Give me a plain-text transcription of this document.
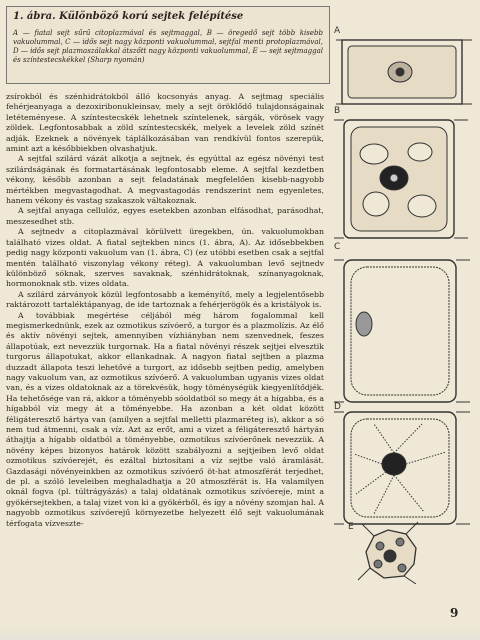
1. ábra. Különböző korú sejtek felépítése
A — fiatal sejt sűrű citoplazmával és sejtmaggal, B — öregedő sejt több kisebb vakuolummal, C — idős sejt nagy központi vakuolummal, sejtfal menti protoplazmával, D — idős sejt plazmaszálakkal átszőtt nagy központi vakuolummal, E — sejt sejtmaggal és színtestecskékkel (Sharp nyomán)

zsírokból és szénhidrátokból álló kocsonyás anyag. A sejtmag speciális fehérjeanyaga a dezoxiribonukleinsav, mely a sejt öröklődő tulajdonságainak letéteményese. A színtestecskék lehetnek színtelenek, sárgák, vörösek vagy zöldek. Legfontosabbak a zöld színtestecskék, melyek a levelek zöld színét adják. Ezeknek a növények táplálkozásában van rendkívül fontos szerepük, amint azt a későbbiekben olvashatjuk.

A sejtfal szilárd vázát alkotja a sejtnek, és egyúttal az egész növényi test szilárdságának és formatartásának legfontosabb eleme. A sejtfal kezdetben vékony, később azonban a sejt feladatának megfelelően kisebb-nagyobb mértékben megvastagodhat. A megvastagodás rendszerint nem egyenletes, hanem vékony és vastag szakaszok váltakoznak.

A sejtfal anyaga cellulóz, egyes esetekben azonban elfásodhat, parásodhat, meszesedhet stb.

A sejtnedv a citoplazmával körülvett üregekben, ún. vakuolumokban található vizes oldat. A fiatal sejtekben nincs (1. ábra, A). Az idősebbekben pedig nagy központi vakuolum van (1. ábra, C) (ez utóbbi esetben csak a sejtfal mentén található viszonylag vékony réteg). A vakuolumban levő sejtnedv különböző sóknak, szerves savaknak, szénhidrátoknak, színanyagoknak, hormonoknak stb. vizes oldata.

A szilárd zárványok közül legfontosabb a keményítő, mely a legjelentősebb raktározott tartaléktápanyag, de ide tartoznak a fehérjerögök és a kristályok is.

A továbbiak megértése céljából még három fogalommal kell megismerkednünk, ezek az ozmotikus szívóerő, a turgor és a plazmolízis. Az élő és aktív növényi sejtek, amennyiben vízhiányban nem szenvednek, feszes állapotúak, ezt nevezzük turgornak. Ha a fiatal növényi részek sejtjei elvesztik turgorus állapotukat, akkor ellankadnak. A nagyon fiatal sejtben a plazma duzzadt állapota teszi lehetővé a turgort, az idősebb sejtben pedig, amelyben nagy vakuolum van, az ozmotikus szívóerő. A vakuolumban ugyanis vizes oldat van, és a vizes oldatoknak az a törekvésük, hogy töménységük kiegyenlítődjék. Ha tehetősége van rá, akkor a töményebb sóoldatból so megy át a hígabba, és a hígabból víz megy át a töményebbe. Ha azonban a két oldat között féligáteresztő hártya van (amilyen a sejtfal melletti plazmaréteg is), akkor a só nem tud átmenni, csak a víz. Azt az erőt, ami a vizet a féligáteresztő hártyán áthajtja a hígabb oldatból a töményebbe, ozmotikus szívóerőnek nevezzük. A növény képes bizonyos határok között szabályozni a sejtjeiben levő oldat ozmotikus szívóerejét, és ezáltal biztosítani a víz sejtbe való áramlását. Gazdasági növényeinkben az ozmotikus szívóerő öt-hat atmoszférát terjedhet, de pl. a szóló leveleiben meghaladhatja a 20 atmoszférát is. Ha valamilyen oknál fogva (pl. túltrágyázás) a talaj oldatának ozmotikus szívóereje, mint a gyökérsejtekben, a talaj vizet von ki a gyökérből, és így a növény szomjan hal. A nagyobb ozmotikus szívóerejű környezetbe helyezett élő sejt vakuolumának térfogata vízveszte-

A
B
C
D
E
9
